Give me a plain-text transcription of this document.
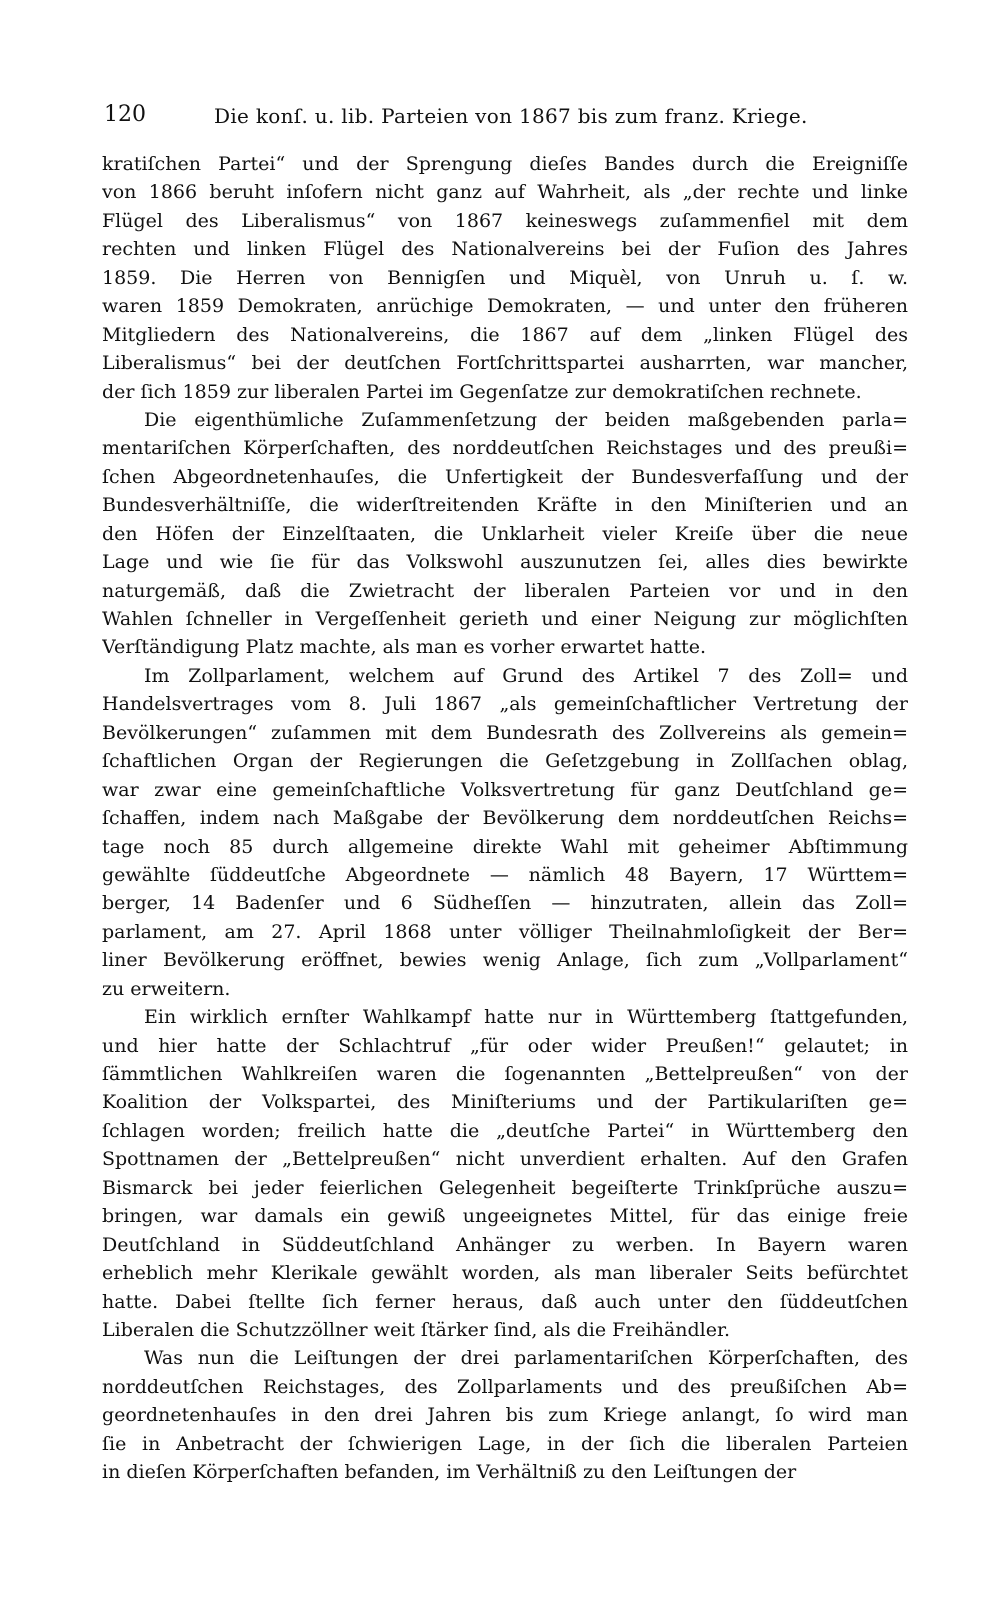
120	Die konſ. u. lib. Parteien von 1867 bis zum franz. Kriege.
kratiſchen Partei“ und der Sprengung dieſes Bandes durch die Ereigniſſe
von 1866 beruht inſofern nicht ganz auf Wahrheit, als „der rechte und linke
Flügel des Liberalismus“ von 1867 keineswegs zuſammenfiel mit dem
rechten und linken Flügel des Nationalvereins bei der Fuſion des Jahres
1859. Die Herren von Bennigſen und Miquèl, von Unruh u. ſ. w.
waren 1859 Demokraten, anrüchige Demokraten, — und unter den früheren
Mitgliedern des Nationalvereins, die 1867 auf dem „linken Flügel des
Liberalismus“ bei der deutſchen Fortſchrittspartei ausharrten, war mancher,
der ſich 1859 zur liberalen Partei im Gegenſatze zur demokratiſchen rechnete.
Die eigenthümliche Zuſammenſetzung der beiden maßgebenden parla=
mentariſchen Körperſchaften, des norddeutſchen Reichstages und des preußi=
ſchen Abgeordnetenhauſes, die Unfertigkeit der Bundesverfaſſung und der
Bundesverhältniſſe, die widerſtreitenden Kräfte in den Miniſterien und an
den Höfen der Einzelſtaaten, die Unklarheit vieler Kreiſe über die neue
Lage und wie ſie für das Volkswohl auszunutzen ſei, alles dies bewirkte
naturgemäß, daß die Zwietracht der liberalen Parteien vor und in den
Wahlen ſchneller in Vergeſſenheit gerieth und einer Neigung zur möglichſten
Verſtändigung Platz machte, als man es vorher erwartet hatte.
Im Zollparlament, welchem auf Grund des Artikel 7 des Zoll= und
Handelsvertrages vom 8. Juli 1867 „als gemeinſchaftlicher Vertretung der
Bevölkerungen“ zuſammen mit dem Bundesrath des Zollvereins als gemein=
ſchaftlichen Organ der Regierungen die Geſetzgebung in Zollſachen oblag,
war zwar eine gemeinſchaftliche Volksvertretung für ganz Deutſchland ge=
ſchaffen, indem nach Maßgabe der Bevölkerung dem norddeutſchen Reichs=
tage noch 85 durch allgemeine direkte Wahl mit geheimer Abſtimmung
gewählte ſüddeutſche Abgeordnete — nämlich 48 Bayern, 17 Württem=
berger, 14 Badenſer und 6 Südheſſen — hinzutraten, allein das Zoll=
parlament, am 27. April 1868 unter völliger Theilnahmloſigkeit der Ber=
liner Bevölkerung eröffnet, bewies wenig Anlage, ſich zum „Vollparlament“
zu erweitern.
Ein wirklich ernſter Wahlkampf hatte nur in Württemberg ſtattgefunden,
und hier hatte der Schlachtruf „für oder wider Preußen!“ gelautet; in
ſämmtlichen Wahlkreiſen waren die ſogenannten „Bettelpreußen“ von der
Koalition der Volkspartei, des Miniſteriums und der Partikulariſten ge=
ſchlagen worden; freilich hatte die „deutſche Partei“ in Württemberg den
Spottnamen der „Bettelpreußen“ nicht unverdient erhalten. Auf den Grafen
Bismarck bei jeder feierlichen Gelegenheit begeiſterte Trinkſprüche auszu=
bringen, war damals ein gewiß ungeeignetes Mittel, für das einige freie
Deutſchland in Süddeutſchland Anhänger zu werben. In Bayern waren
erheblich mehr Klerikale gewählt worden, als man liberaler Seits befürchtet
hatte. Dabei ſtellte ſich ferner heraus, daß auch unter den ſüddeutſchen
Liberalen die Schutzzöllner weit ſtärker ſind, als die Freihändler.
Was nun die Leiſtungen der drei parlamentariſchen Körperſchaften, des
norddeutſchen Reichstages, des Zollparlaments und des preußiſchen Ab=
geordnetenhauſes in den drei Jahren bis zum Kriege anlangt, ſo wird man
ſie in Anbetracht der ſchwierigen Lage, in der ſich die liberalen Parteien
in dieſen Körperſchaften befanden, im Verhältniß zu den Leiſtungen der
